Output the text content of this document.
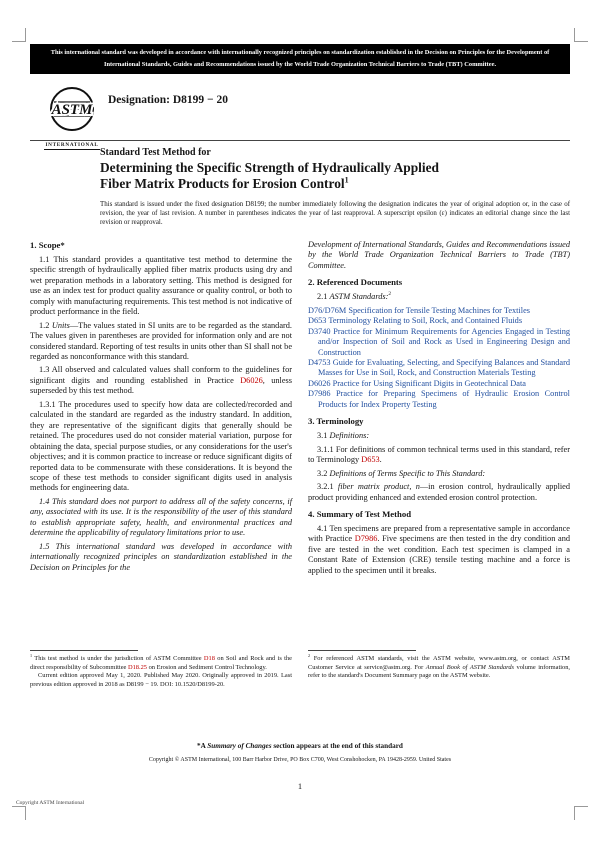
This international standard was developed in accordance with internationally recognized principles on standardization established in the Decision on Principles for the Development of International Standards, Guides and Recommendations issued by the World Trade Organization Technical Barriers to Trade (TBT) Committee.
ASTM
INTERNATIONAL
Designation: D8199 − 20
Standard Test Method for
Determining the Specific Strength of Hydraulically Applied
Fiber Matrix Products for Erosion Control$^1$
This standard is issued under the fixed designation D8199; the number immediately following the designation indicates the year of original adoption or, in the case of revision, the year of last revision. A number in parentheses indicates the year of last reapproval. A superscript epsilon (ε) indicates an editorial change since the last revision or reapproval.
1. Scope*

1.1 This standard provides a quantitative test method to determine the specific strength of hydraulically applied fiber matrix products using dry and wet preparation methods in a laboratory setting. This method is designed for use as an index test for product quality assurance or quality control, or both to comply with manufacturing requirements. This test method is not indicative of product performance in the field.

1.2 Units—The values stated in SI units are to be regarded as the standard. The values given in parentheses are provided for information only and are not considered standard. Reporting of test results in units other than SI shall not be regarded as nonconformance with this standard.

1.3 All observed and calculated values shall conform to the guidelines for significant digits and rounding established in Practice D6026, unless superseded by this test method.

1.3.1 The procedures used to specify how data are collected/recorded and calculated in the standard are regarded as the industry standard. In addition, they are representative of the significant digits that generally should be retained. The procedures used do not consider material variation, purpose for obtaining the data, special purpose studies, or any considerations for the user's objectives; and it is common practice to increase or reduce significant digits of reported data to be commensurate with these considerations. It is beyond the scope of these test methods to consider significant digits used in analysis methods for engineering data.

1.4 This standard does not purport to address all of the safety concerns, if any, associated with its use. It is the responsibility of the user of this standard to establish appropriate safety, health, and environmental practices and determine the applicability of regulatory limitations prior to use.

1.5 This international standard was developed in accordance with internationally recognized principles on standardization established in the Decision on Principles for the

Development of International Standards, Guides and Recommendations issued by the World Trade Organization Technical Barriers to Trade (TBT) Committee.

2. Referenced Documents

2.1 ASTM Standards:$^2$

D76/D76M Specification for Tensile Testing Machines for Textiles
D653 Terminology Relating to Soil, Rock, and Contained Fluids
D3740 Practice for Minimum Requirements for Agencies Engaged in Testing and/or Inspection of Soil and Rock as Used in Engineering Design and Construction
D4753 Guide for Evaluating, Selecting, and Specifying Balances and Standard Masses for Use in Soil, Rock, and Construction Materials Testing
D6026 Practice for Using Significant Digits in Geotechnical Data
D7986 Practice for Preparing Specimens of Hydraulic Erosion Control Products for Index Property Testing
3. Terminology

3.1 Definitions:

3.1.1 For definitions of common technical terms used in this standard, refer to Terminology D653.

3.2 Definitions of Terms Specific to This Standard:

3.2.1 fiber matrix product, n—in erosion control, hydraulically applied product providing enhanced and extended erosion control protection.

4. Summary of Test Method

4.1 Ten specimens are prepared from a representative sample in accordance with Practice D7986. Five specimens are then tested in the dry condition and five are tested in the wet condition. Each test specimen is clamped in a Constant Rate of Extension (CRE) tensile testing machine and a force is applied to the specimen until it breaks.

$^1$ This test method is under the jurisdiction of ASTM Committee D18 on Soil and Rock and is the direct responsibility of Subcommittee D18.25 on Erosion and Sediment Control Technology.

Current edition approved May 1, 2020. Published May 2020. Originally approved in 2019. Last previous edition approved in 2018 as D8199 − 19. DOI: 10.1520/D8199-20.

$^2$ For referenced ASTM standards, visit the ASTM website, www.astm.org, or contact ASTM Customer Service at service@astm.org. For Annual Book of ASTM Standards volume information, refer to the standard's Document Summary page on the ASTM website.

*A Summary of Changes section appears at the end of this standard
Copyright © ASTM International, 100 Barr Harbor Drive, PO Box C700, West Conshohocken, PA 19428-2959. United States
1
Copyright ASTM International
